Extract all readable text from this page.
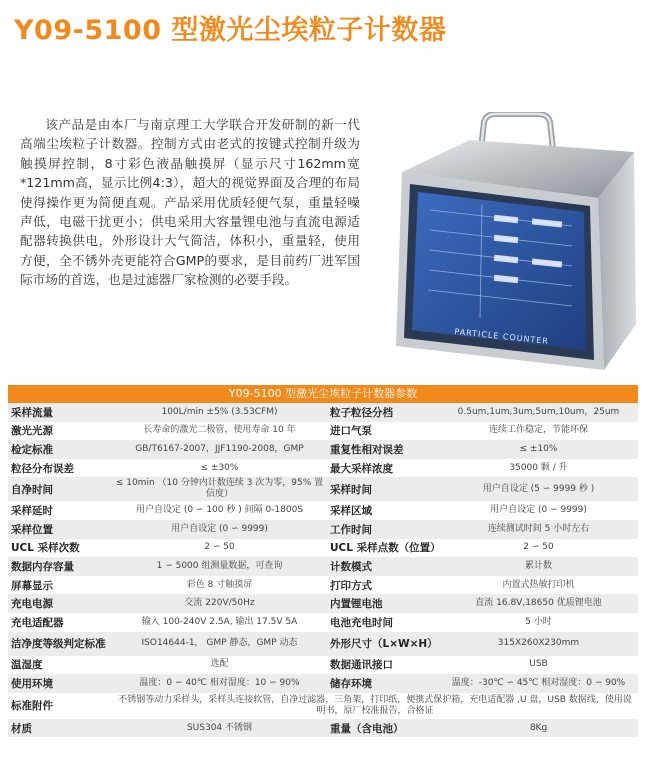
Y09-5100 型激光尘埃粒子计数器
该产品是由本厂与南京理工大学联合开发研制的新一代高端尘埃粒子计数器。控制方式由老式的按键式控制升级为触摸屏控制，8寸彩色液晶触摸屏（显示尺寸162mm宽*121mm高，显示比例4:3），超大的视觉界面及合理的布局使得操作更为简便直观。产品采用优质轻便气泵，重量轻噪声低，电磁干扰更小；供电采用大容量锂电池与直流电源适配器转换供电，外形设计大气简洁，体积小，重量轻，使用方便，全不锈外壳更能符合GMP的要求，是目前药厂进军国际市场的首选，也是过滤器厂家检测的必要手段。
PARTICLE COUNTER
Y09-5100 型激光尘埃粒子计数器参数
采样流量	100L/min ±5% (3.53CFM)	粒子粒径分档	0.5um,1um,3um,5um,10um，25um
激光光源	长寿命的激光二极管，使用寿命 10 年	进口气泵	连续工作稳定，节能环保
检定标准	GB/T6167-2007，JJF1190-2008，GMP	重复性相对误差	≤ ±10%
粒径分布误差	≤ ±30%	最大采样浓度	35000 颗 / 升
自净时间	≤ 10min （10 分钟内计数连续 3 次为零，95% 置信度）	采样时间	用户自设定 (5 ∽ 9999 秒 )
采样延时	用户自设定 (0 ∽ 100 秒 ) 间隔 0-1800S	采样区域	用户自设定 (0 ∽ 9999)
采样位置	用户自设定 (0 ∽ 9999)	工作时间	连续测试时间 5 小时左右
UCL 采样次数	2 ∽ 50	UCL 采样点数（位置）	2 ∽ 50
数据内存容量	1 ∽ 5000 组测量数据，可查询	计数模式	累计数
屏幕显示	彩色 8 寸触摸屏	打印方式	内置式热敏打印机
充电电源	交流 220V/50Hz	内置锂电池	直流 16.8V,18650 优质锂电池
充电适配器	输入 100-240V 2.5A, 输出 17.5V 5A	电池充电时间	5 小时
洁净度等级判定标准	ISO14644-1， GMP 静态，GMP 动态	外形尺寸（L×W×H）	315X260X230mm
温湿度	选配	数据通讯接口	USB
使用环境	温度：0 ∽ 40℃ 相对湿度：10 ∽ 90%	储存环境	温度：-30℃ ∽ 45℃ 相对湿度：0 ∽ 90%
标准附件	不锈钢等动力采样头，采样头连接软管，自净过滤器，三角架，打印纸，便携式保护箱，充电适配器 ,U 盘，USB 数据线，使用说明书，原厂校准报告，合格证		
材质	SUS304 不锈钢	重量（含电池）	8Kg
